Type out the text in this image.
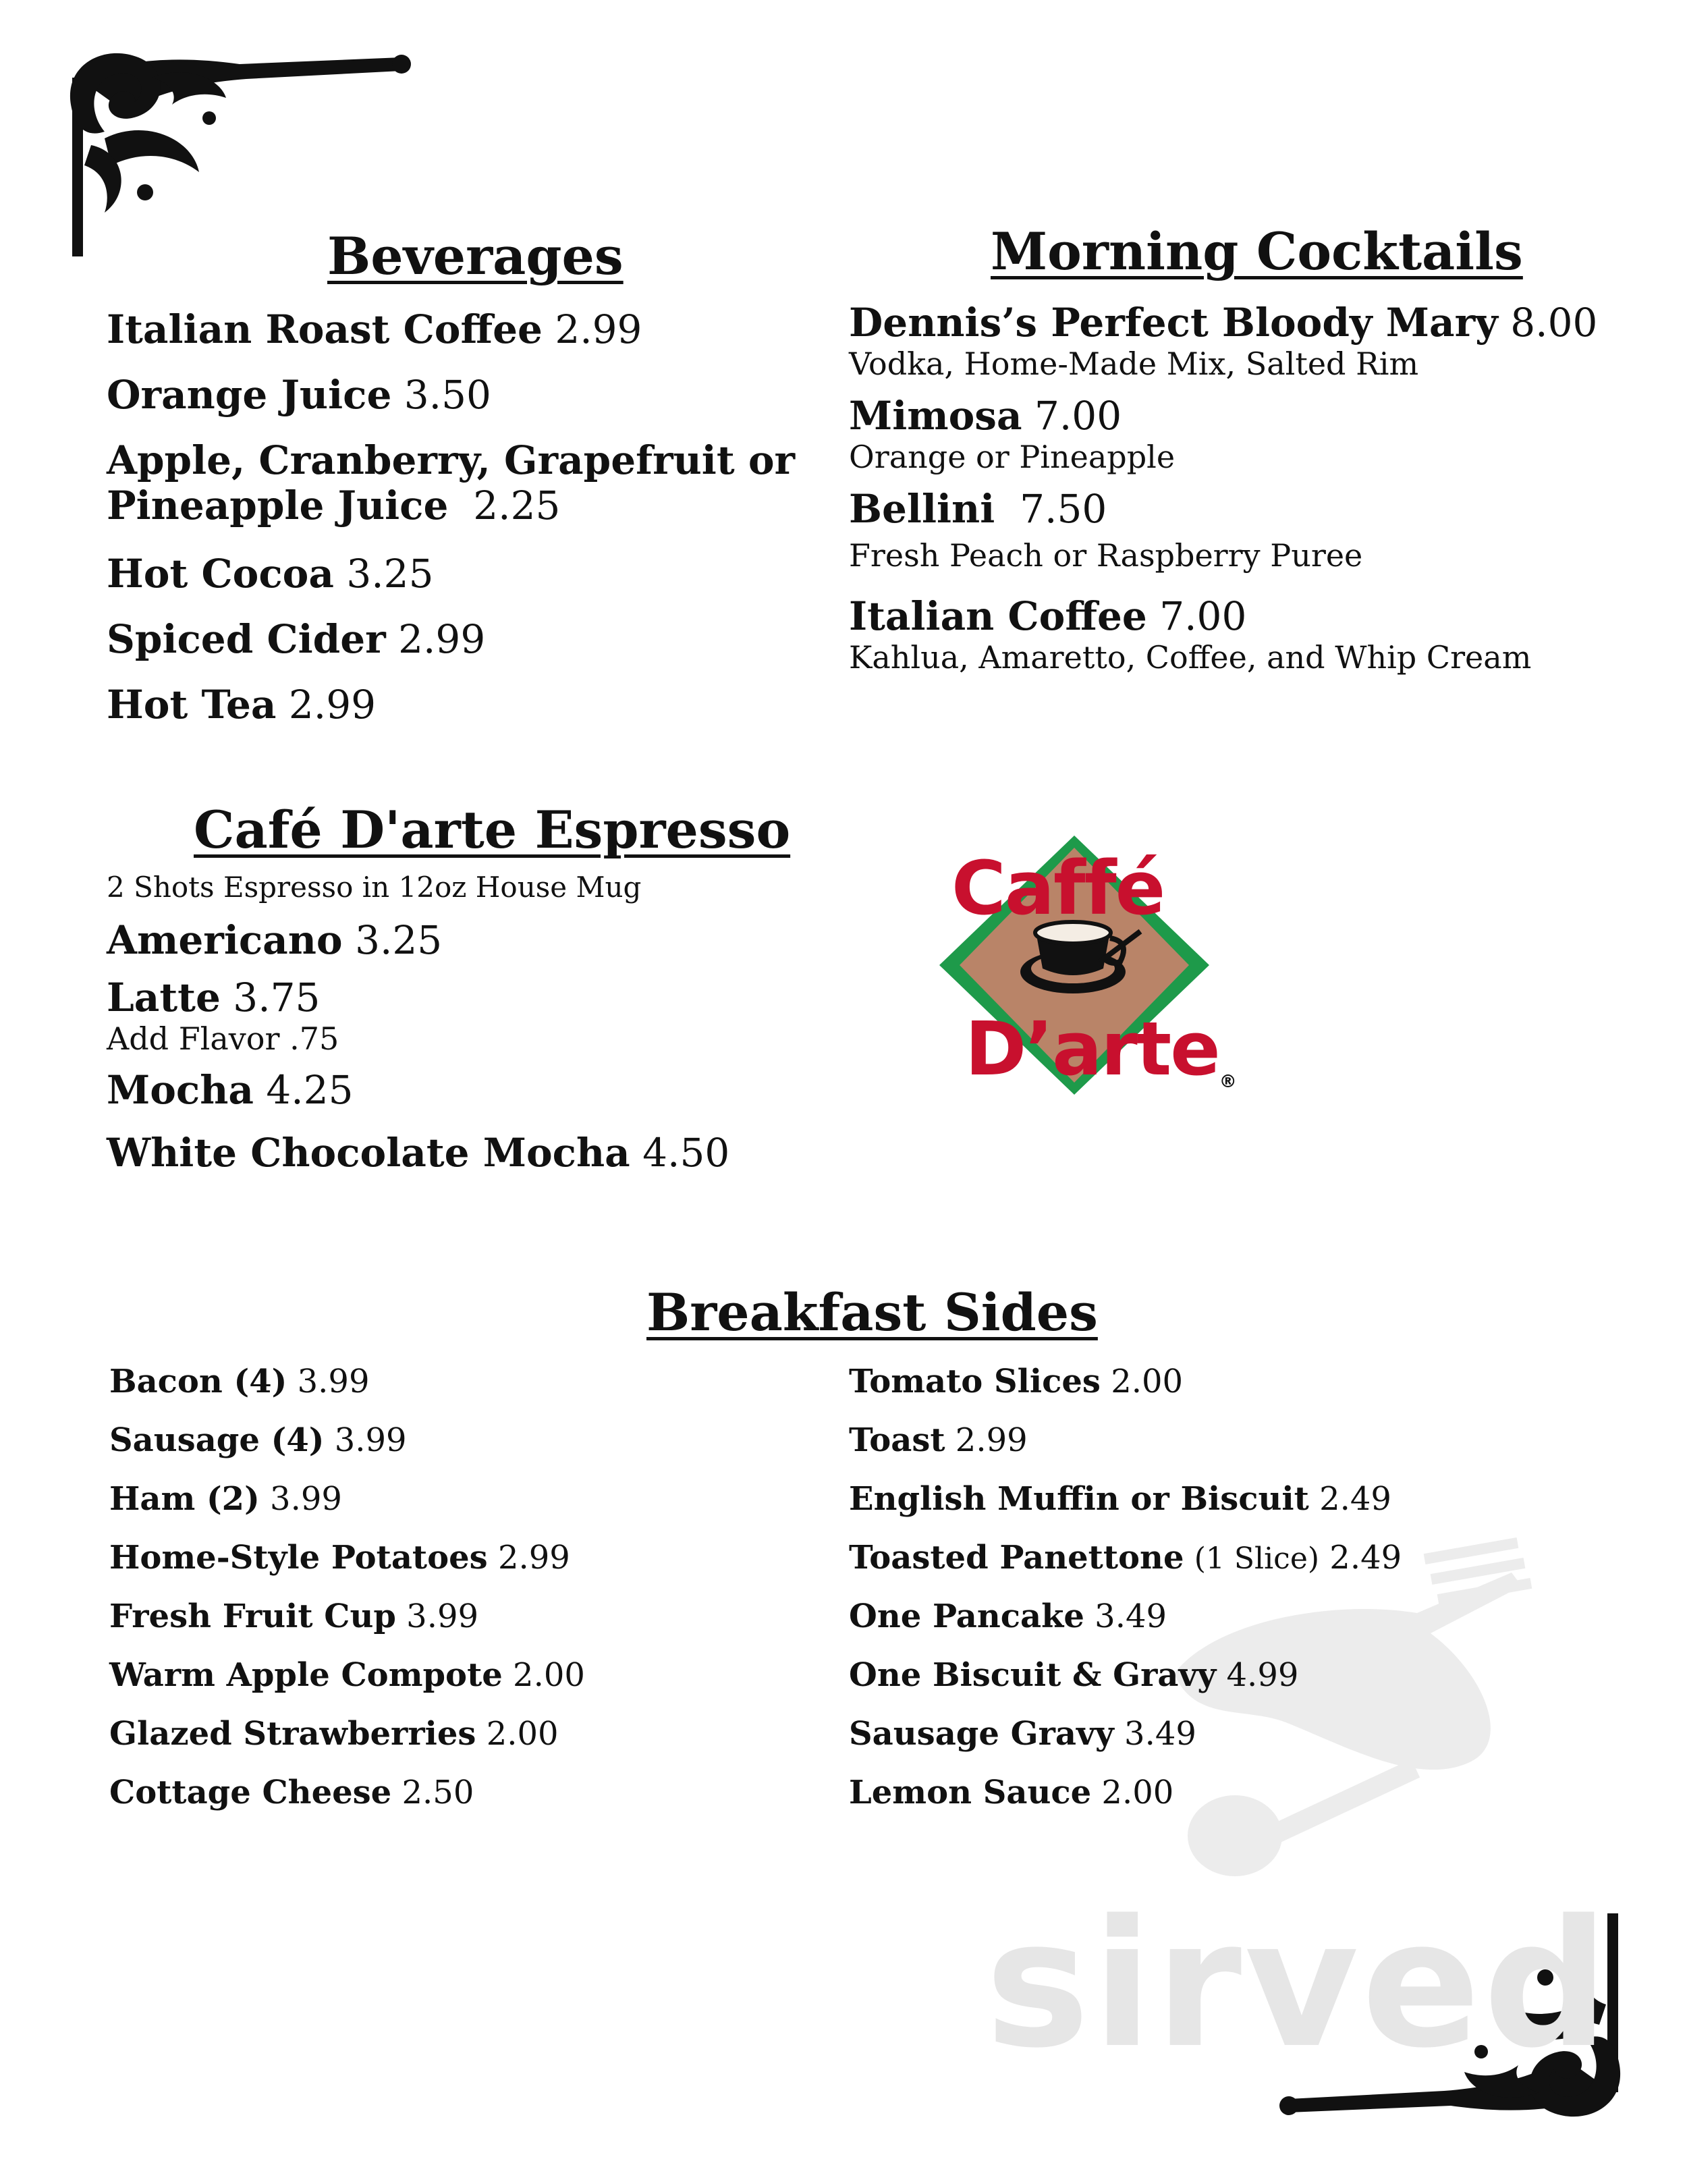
sirved
Beverages
Italian Roast Coffee 2.99
Orange Juice 3.50
Apple, Cranberry, Grapefruit or
Pineapple Juice 2.25
Hot Cocoa 3.25
Spiced Cider 2.99
Hot Tea 2.99
Morning Cocktails
Dennis’s Perfect Bloody Mary 8.00
Vodka, Home-Made Mix, Salted Rim
Mimosa 7.00
Orange or Pineapple
Bellini 7.50
Fresh Peach or Raspberry Puree
Italian Coffee 7.00
Kahlua, Amaretto, Coffee, and Whip Cream
Café D'arte Espresso
2 Shots Espresso in 12oz House Mug
Americano 3.25
Latte 3.75
Add Flavor .75
Mocha 4.25
White Chocolate Mocha 4.50
Caffé
D’arte®
Breakfast Sides
Bacon (4) 3.99
Sausage (4) 3.99
Ham (2) 3.99
Home-Style Potatoes 2.99
Fresh Fruit Cup 3.99
Warm Apple Compote 2.00
Glazed Strawberries 2.00
Cottage Cheese 2.50
Tomato Slices 2.00
Toast 2.99
English Muffin or Biscuit 2.49
Toasted Panettone (1 Slice) 2.49
One Pancake 3.49
One Biscuit & Gravy 4.99
Sausage Gravy 3.49
Lemon Sauce 2.00
